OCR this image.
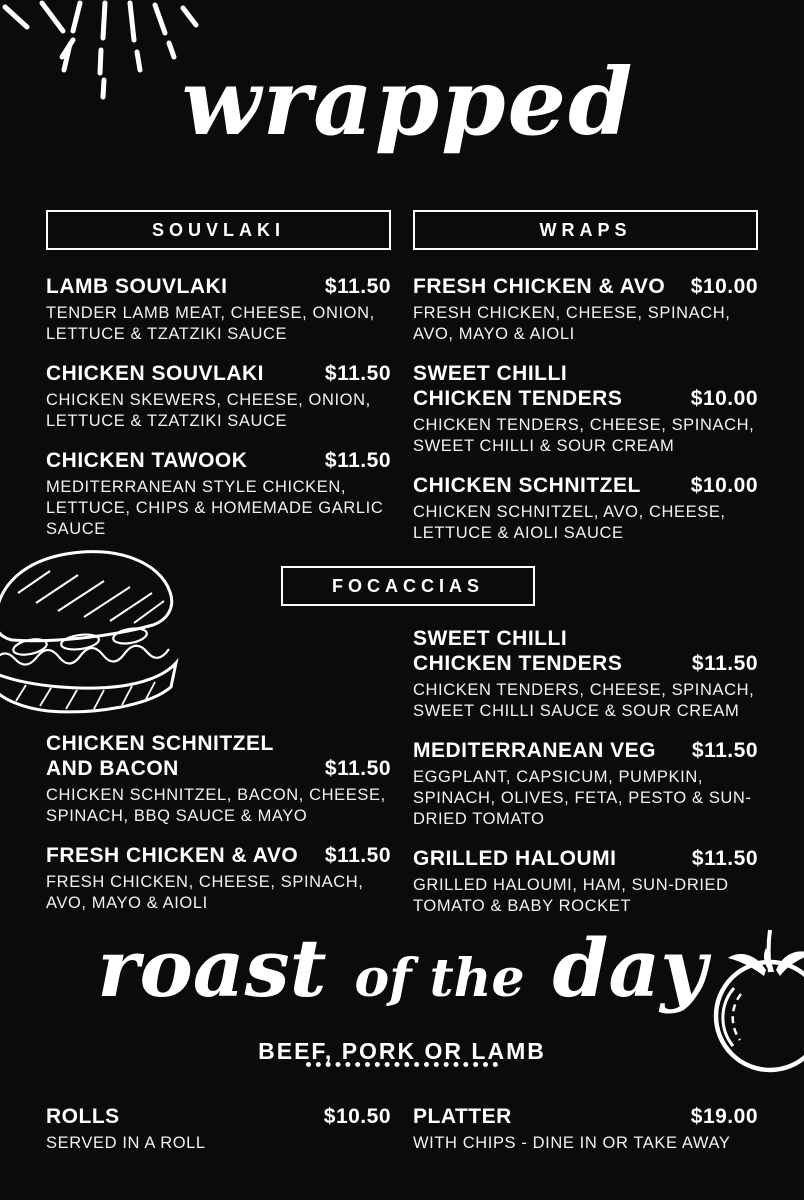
wrapped
SOUVLAKI
LAMB SOUVLAKI	$11.50
TENDER LAMB MEAT, CHEESE, ONION, LETTUCE & TZATZIKI SAUCE
CHICKEN SOUVLAKI	$11.50
CHICKEN SKEWERS, CHEESE, ONION, LETTUCE & TZATZIKI SAUCE
CHICKEN TAWOOK	$11.50
MEDITERRANEAN STYLE CHICKEN, LETTUCE, CHIPS & HOMEMADE GARLIC SAUCE
WRAPS
FRESH CHICKEN & AVO $10.00
FRESH CHICKEN, CHEESE, SPINACH, AVO, MAYO & AIOLI
SWEET CHILLI
CHICKEN TENDERS	$10.00
CHICKEN TENDERS, CHEESE, SPINACH, SWEET CHILLI & SOUR CREAM
CHICKEN SCHNITZEL $10.00
CHICKEN SCHNITZEL, AVO, CHEESE, LETTUCE & AIOLI SAUCE
FOCACCIAS
SWEET CHILLI
CHICKEN TENDERS	$11.50
CHICKEN TENDERS, CHEESE, SPINACH, SWEET CHILLI SAUCE & SOUR CREAM
MEDITERRANEAN VEG $11.50
EGGPLANT, CAPSICUM, PUMPKIN, SPINACH, OLIVES, FETA, PESTO & SUN-DRIED TOMATO
GRILLED HALOUMI	$11.50
GRILLED HALOUMI, HAM, SUN-DRIED TOMATO & BABY ROCKET
CHICKEN SCHNITZEL
AND BACON	$11.50
CHICKEN SCHNITZEL, BACON, CHEESE, SPINACH, BBQ SAUCE & MAYO
FRESH CHICKEN & AVO $11.50
FRESH CHICKEN, CHEESE, SPINACH, AVO, MAYO & AIOLI
roast of the day
BEEF, PORK OR LAMB
ROLLS	$10.50
SERVED IN A ROLL
PLATTER	$19.00
WITH CHIPS - DINE IN OR TAKE AWAY
